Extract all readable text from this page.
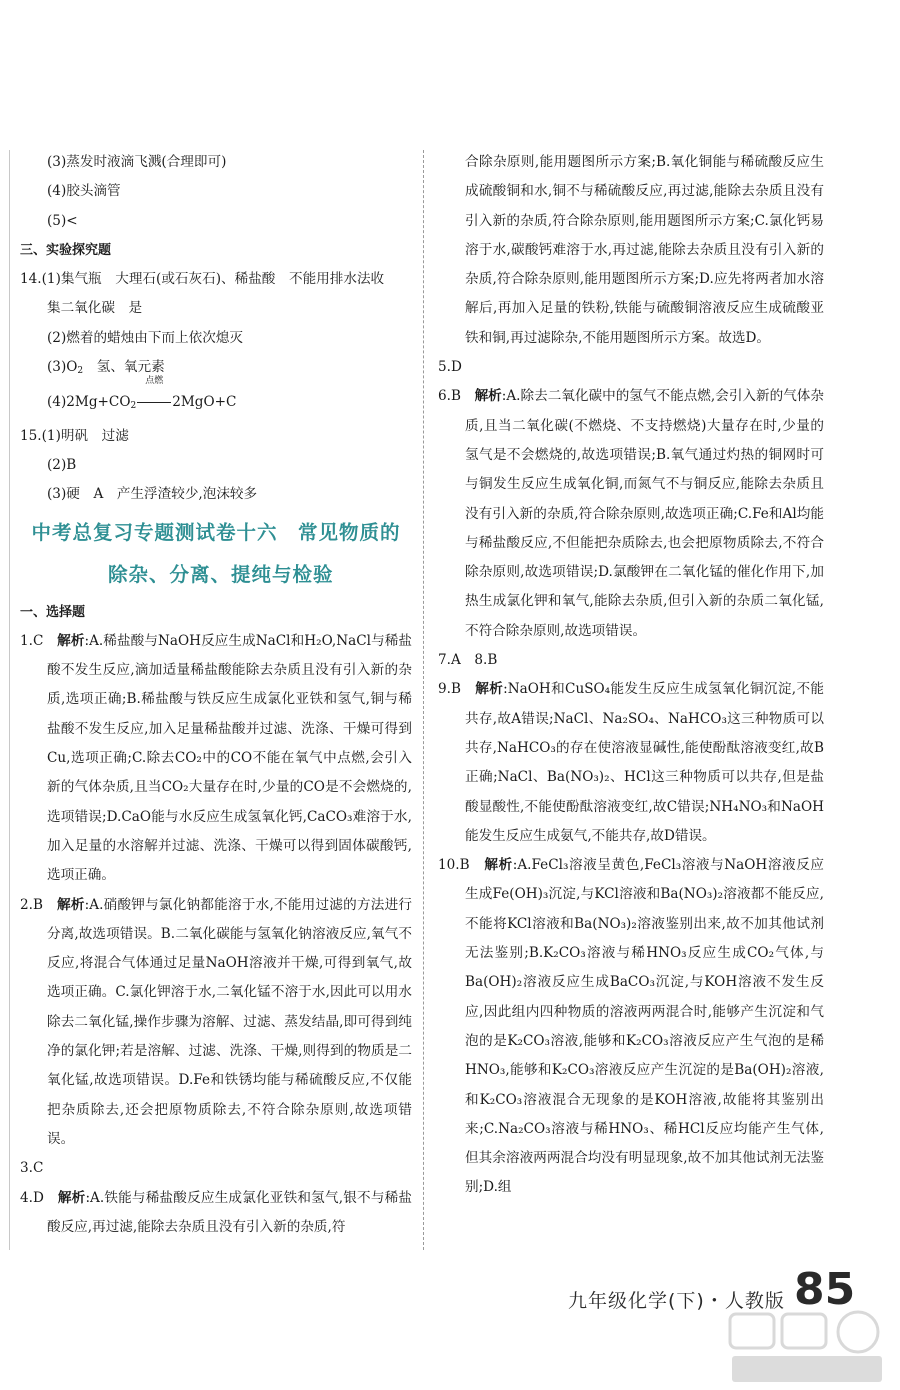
(3)蒸发时液滴飞溅(合理即可)

(4)胶头滴管

(5)<

三、实验探究题

14.(1)集气瓶　大理石(或石灰石)、稀盐酸　不能用排水法收

集二氧化碳　是

(2)燃着的蜡烛由下而上依次熄灭

$(3)O_2$　氢、氧元素

$(4)2Mg+CO_2$
点燃
2MgO+C

15.(1)明矾　过滤

(2)B

(3)硬　A　产生浮渣较少,泡沫较多

中考总复习专题测试卷十六　常见物质的
除杂、分离、提纯与检验

一、选择题

1.C　解析:A.稀盐酸与NaOH反应生成NaCl和H₂O,NaCl与稀盐酸不发生反应,滴加适量稀盐酸能除去杂质且没有引入新的杂质,选项正确;B.稀盐酸与铁反应生成氯化亚铁和氢气,铜与稀盐酸不发生反应,加入足量稀盐酸并过滤、洗涤、干燥可得到Cu,选项正确;C.除去CO₂中的CO不能在氧气中点燃,会引入新的气体杂质,且当CO₂大量存在时,少量的CO是不会燃烧的,选项错误;D.CaO能与水反应生成氢氧化钙,CaCO₃难溶于水,加入足量的水溶解并过滤、洗涤、干燥可以得到固体碳酸钙,选项正确。

2.B　解析:A.硝酸钾与氯化钠都能溶于水,不能用过滤的方法进行分离,故选项错误。B.二氧化碳能与氢氧化钠溶液反应,氧气不反应,将混合气体通过足量NaOH溶液并干燥,可得到氧气,故选项正确。C.氯化钾溶于水,二氧化锰不溶于水,因此可以用水除去二氧化锰,操作步骤为溶解、过滤、蒸发结晶,即可得到纯净的氯化钾;若是溶解、过滤、洗涤、干燥,则得到的物质是二氧化锰,故选项错误。D.Fe和铁锈均能与稀硫酸反应,不仅能把杂质除去,还会把原物质除去,不符合除杂原则,故选项错误。

3.C

4.D　解析:A.铁能与稀盐酸反应生成氯化亚铁和氢气,银不与稀盐酸反应,再过滤,能除去杂质且没有引入新的杂质,符

合除杂原则,能用题图所示方案;B.氧化铜能与稀硫酸反应生成硫酸铜和水,铜不与稀硫酸反应,再过滤,能除去杂质且没有引入新的杂质,符合除杂原则,能用题图所示方案;C.氯化钙易溶于水,碳酸钙难溶于水,再过滤,能除去杂质且没有引入新的杂质,符合除杂原则,能用题图所示方案;D.应先将两者加水溶解后,再加入足量的铁粉,铁能与硫酸铜溶液反应生成硫酸亚铁和铜,再过滤除杂,不能用题图所示方案。故选D。

5.D

6.B　解析:A.除去二氧化碳中的氢气不能点燃,会引入新的气体杂质,且当二氧化碳(不燃烧、不支持燃烧)大量存在时,少量的氢气是不会燃烧的,故选项错误;B.氧气通过灼热的铜网时可与铜发生反应生成氧化铜,而氮气不与铜反应,能除去杂质且没有引入新的杂质,符合除杂原则,故选项正确;C.Fe和Al均能与稀盐酸反应,不但能把杂质除去,也会把原物质除去,不符合除杂原则,故选项错误;D.氯酸钾在二氧化锰的催化作用下,加热生成氯化钾和氧气,能除去杂质,但引入新的杂质二氧化锰,不符合除杂原则,故选项错误。

7.A　8.B

9.B　解析:NaOH和CuSO₄能发生反应生成氢氧化铜沉淀,不能共存,故A错误;NaCl、Na₂SO₄、NaHCO₃这三种物质可以共存,NaHCO₃的存在使溶液显碱性,能使酚酞溶液变红,故B正确;NaCl、Ba(NO₃)₂、HCl这三种物质可以共存,但是盐酸显酸性,不能使酚酞溶液变红,故C错误;NH₄NO₃和NaOH能发生反应生成氨气,不能共存,故D错误。

10.B　解析:A.FeCl₃溶液呈黄色,FeCl₃溶液与NaOH溶液反应生成Fe(OH)₃沉淀,与KCl溶液和Ba(NO₃)₂溶液都不能反应,不能将KCl溶液和Ba(NO₃)₂溶液鉴别出来,故不加其他试剂无法鉴别;B.K₂CO₃溶液与稀HNO₃反应生成CO₂气体,与Ba(OH)₂溶液反应生成BaCO₃沉淀,与KOH溶液不发生反应,因此组内四种物质的溶液两两混合时,能够产生沉淀和气泡的是K₂CO₃溶液,能够和K₂CO₃溶液反应产生气泡的是稀HNO₃,能够和K₂CO₃溶液反应产生沉淀的是Ba(OH)₂溶液,和K₂CO₃溶液混合无现象的是KOH溶液,故能将其鉴别出来;C.Na₂CO₃溶液与稀HNO₃、稀HCl反应均能产生气体,但其余溶液两两混合均没有明显现象,故不加其他试剂无法鉴别;D.组

九年级化学(下)・人教版 85
